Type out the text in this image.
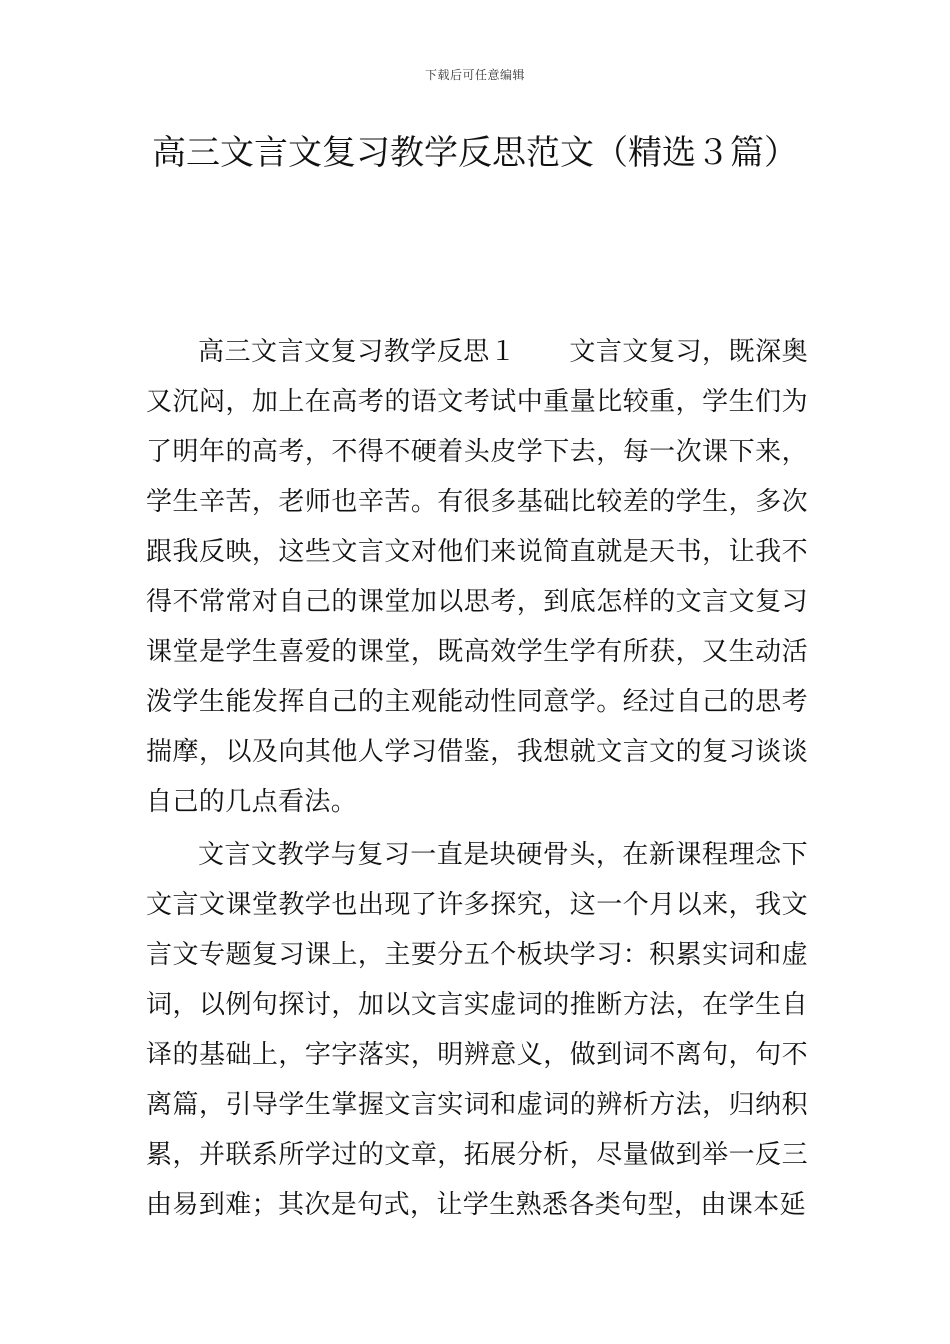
下载后可任意编辑
高三文言文复习教学反思范文（精选３篇）

高三文言文复习教学反思１　　文言文复习，既深奥又沉闷，加上在高考的语文考试中重量比较重，学生们为了明年的高考，不得不硬着头皮学下去，每一次课下来，学生辛苦，老师也辛苦。有很多基础比较差的学生，多次跟我反映，这些文言文对他们来说简直就是天书，让我不得不常常对自己的课堂加以思考，到底怎样的文言文复习课堂是学生喜爱的课堂，既高效学生学有所获，又生动活泼学生能发挥自己的主观能动性同意学。经过自己的思考揣摩，以及向其他人学习借鉴，我想就文言文的复习谈谈自己的几点看法。

文言文教学与复习一直是块硬骨头，在新课程理念下文言文课堂教学也出现了许多探究，这一个月以来，我文言文专题复习课上，主要分五个板块学习：积累实词和虚词，以例句探讨，加以文言实虚词的推断方法，在学生自译的基础上，字字落实，明辨意义，做到词不离句，句不离篇，引导学生掌握文言实词和虚词的辨析方法，归纳积累，并联系所学过的文章，拓展分析，尽量做到举一反三由易到难；其次是句式，让学生熟悉各类句型，由课本延
